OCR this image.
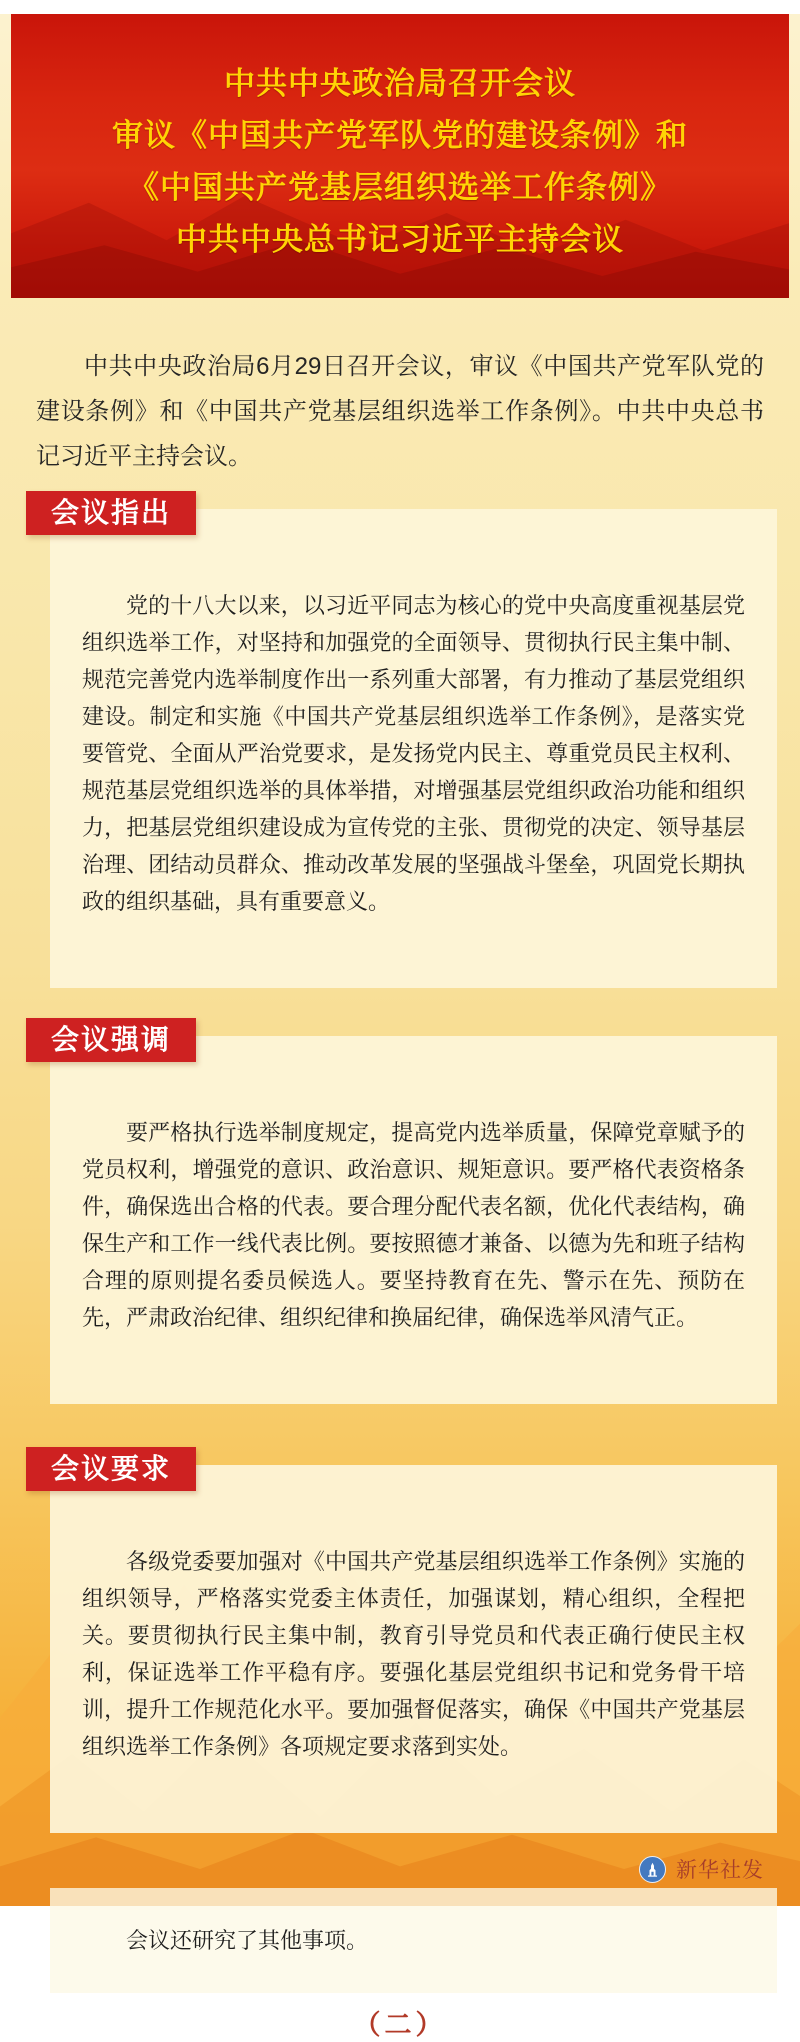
中共中央政治局召开会议
审议《中国共产党军队党的建设条例》和
《中国共产党基层组织选举工作条例》
中共中央总书记习近平主持会议

中共中央政治局6月29日召开会议，审议《中国共产党军队党的建设条例》和《中国共产党基层组织选举工作条例》。中共中央总书记习近平主持会议。

会议指出

党的十八大以来，以习近平同志为核心的党中央高度重视基层党组织选举工作，对坚持和加强党的全面领导、贯彻执行民主集中制、规范完善党内选举制度作出一系列重大部署，有力推动了基层党组织建设。制定和实施《中国共产党基层组织选举工作条例》，是落实党要管党、全面从严治党要求，是发扬党内民主、尊重党员民主权利、规范基层党组织选举的具体举措，对增强基层党组织政治功能和组织力，把基层党组织建设成为宣传党的主张、贯彻党的决定、领导基层治理、团结动员群众、推动改革发展的坚强战斗堡垒，巩固党长期执政的组织基础，具有重要意义。

会议强调

要严格执行选举制度规定，提高党内选举质量，保障党章赋予的党员权利，增强党的意识、政治意识、规矩意识。要严格代表资格条件，确保选出合格的代表。要合理分配代表名额，优化代表结构，确保生产和工作一线代表比例。要按照德才兼备、以德为先和班子结构合理的原则提名委员候选人。要坚持教育在先、警示在先、预防在先，严肃政治纪律、组织纪律和换届纪律，确保选举风清气正。

会议要求

各级党委要加强对《中国共产党基层组织选举工作条例》实施的组织领导，严格落实党委主体责任，加强谋划，精心组织，全程把关。要贯彻执行民主集中制，教育引导党员和代表正确行使民主权利，保证选举工作平稳有序。要强化基层党组织书记和党务骨干培训，提升工作规范化水平。要加强督促落实，确保《中国共产党基层组织选举工作条例》各项规定要求落到实处。

会议还研究了其他事项。

（二）
新华社发
